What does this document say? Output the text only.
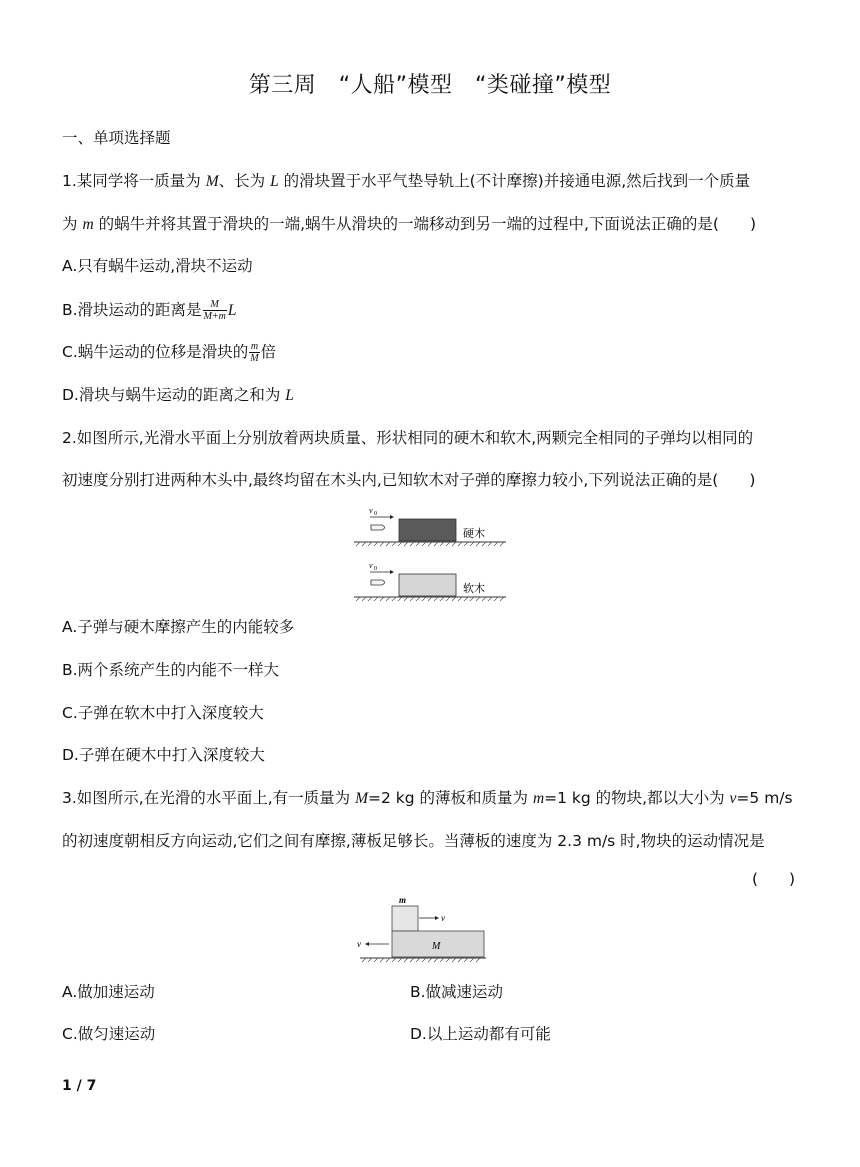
第三周　“人船”模型　“类碰撞”模型
一、单项选择题
1.某同学将一质量为 M、长为 L 的滑块置于水平气垫导轨上(不计摩擦)并接通电源,然后找到一个质量
为 m 的蜗牛并将其置于滑块的一端,蜗牛从滑块的一端移动到另一端的过程中,下面说法正确的是(　　)
A.只有蜗牛运动,滑块不运动
B.滑块运动的距离是 $\frac{M}{M+m}$ L
C.蜗牛运动的位移是滑块的 $\frac{m}{M}$ 倍
D.滑块与蜗牛运动的距离之和为 L
2.如图所示,光滑水平面上分别放着两块质量、形状相同的硬木和软木,两颗完全相同的子弹均以相同的
初速度分别打进两种木头中,最终均留在木头内,已知软木对子弹的摩擦力较小,下列说法正确的是(　　)
v 0
硬木
v 0
软木
A.子弹与硬木摩擦产生的内能较多
B.两个系统产生的内能不一样大
C.子弹在软木中打入深度较大
D.子弹在硬木中打入深度较大
3.如图所示,在光滑的水平面上,有一质量为 M=2 kg 的薄板和质量为 m=1 kg 的物块,都以大小为 v=5 m/s
的初速度朝相反方向运动,它们之间有摩擦,薄板足够长。当薄板的速度为 2.3 m/s 时,物块的运动情况是
(　　)
m
v
M
v
A.做加速运动	B.做减速运动
C.做匀速运动	D.以上运动都有可能
1 / 7
